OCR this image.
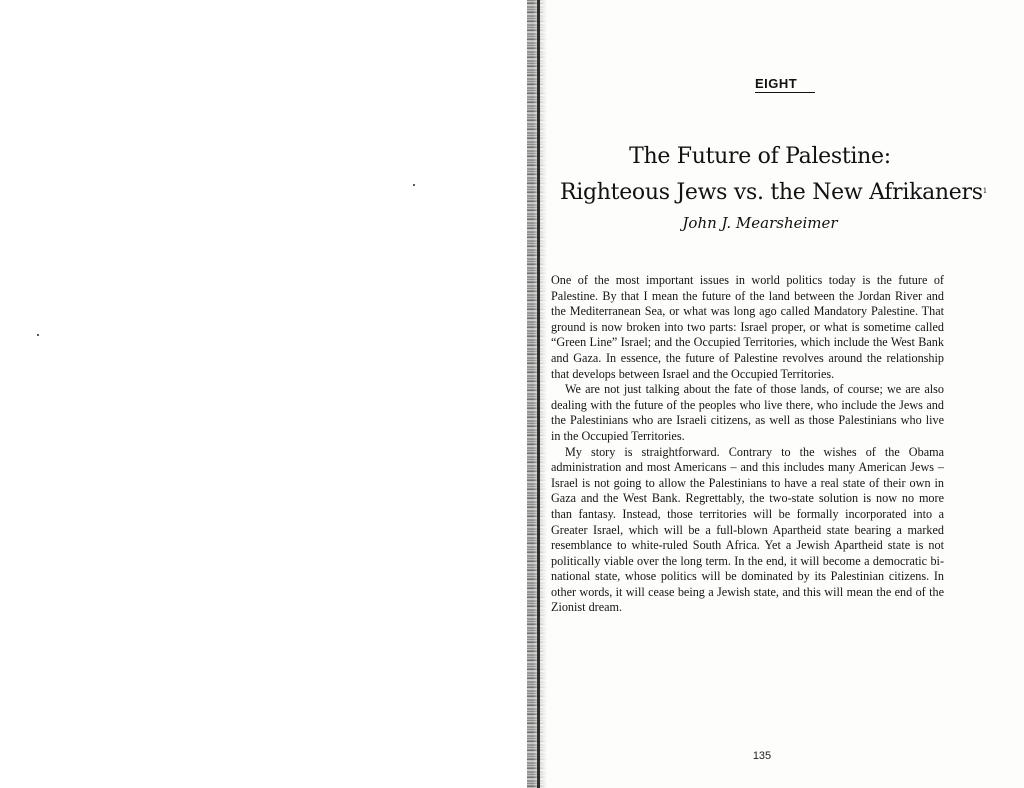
EIGHT
The Future of Palestine:
Righteous Jews vs. the New Afrikaners$^1$
John J. Mearsheimer

One of the most important issues in world politics today is the future of Palestine. By that I mean the future of the land between the Jordan River and the Mediterranean Sea, or what was long ago called Mandatory Palestine. That ground is now broken into two parts: Israel proper, or what is sometime called “Green Line” Israel; and the Occupied Territories, which include the West Bank and Gaza. In essence, the future of Palestine revolves around the relationship that develops between Israel and the Occupied Territories.

We are not just talking about the fate of those lands, of course; we are also dealing with the future of the peoples who live there, who include the Jews and the Palestinians who are Israeli citizens, as well as those Palestinians who live in the Occupied Territories.

My story is straightforward. Contrary to the wishes of the Obama administration and most Americans – and this includes many American Jews – Israel is not going to allow the Palestinians to have a real state of their own in Gaza and the West Bank. Regrettably, the two-state solution is now no more than fantasy. Instead, those territories will be formally incorporated into a Greater Israel, which will be a full-blown Apartheid state bearing a marked resemblance to white-ruled South Africa. Yet a Jewish Apartheid state is not politically viable over the long term. In the end, it will become a democratic bi-national state, whose politics will be dominated by its Palestinian citizens. In other words, it will cease being a Jewish state, and this will mean the end of the Zionist dream.

135
